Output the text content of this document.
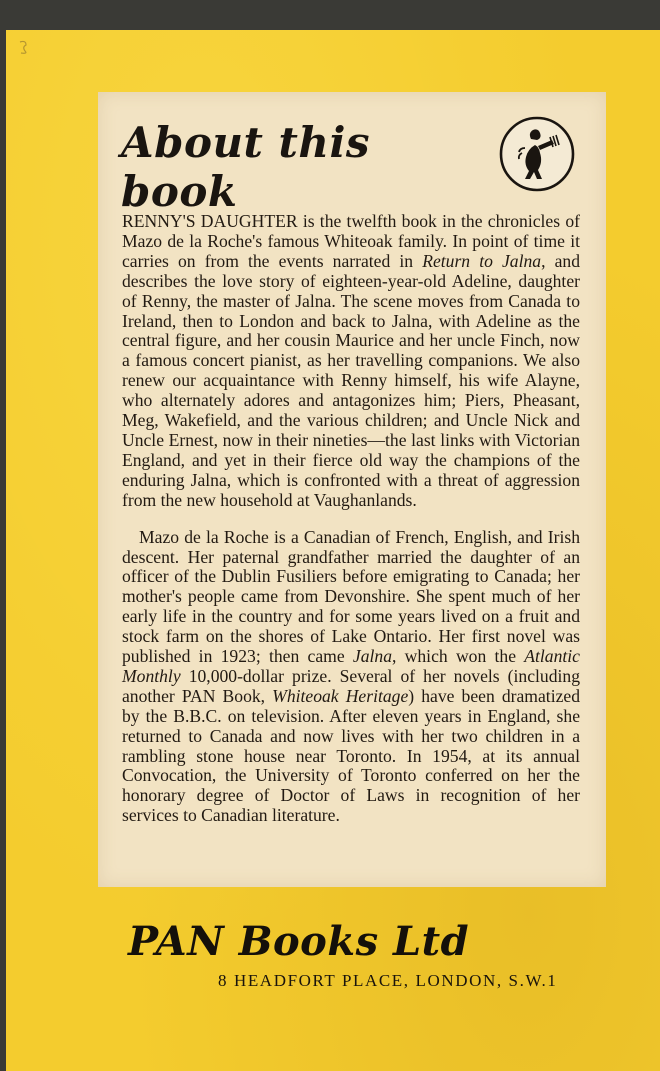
About this book

RENNY'S DAUGHTER is the twelfth book in the chronicles of Mazo de la Roche's famous Whiteoak family. In point of time it carries on from the events narrated in Return to Jalna, and describes the love story of eighteen-year-old Adeline, daughter of Renny, the master of Jalna. The scene moves from Canada to Ireland, then to London and back to Jalna, with Adeline as the central figure, and her cousin Maurice and her uncle Finch, now a famous concert pianist, as her travelling companions. We also renew our acquaintance with Renny himself, his wife Alayne, who alternately adores and antagonizes him; Piers, Pheasant, Meg, Wakefield, and the various children; and Uncle Nick and Uncle Ernest, now in their nineties—the last links with Victorian England, and yet in their fierce old way the champions of the enduring Jalna, which is confronted with a threat of aggression from the new household at Vaughanlands.

Mazo de la Roche is a Canadian of French, English, and Irish descent. Her paternal grandfather married the daughter of an officer of the Dublin Fusiliers before emigrating to Canada; her mother's people came from Devonshire. She spent much of her early life in the country and for some years lived on a fruit and stock farm on the shores of Lake Ontario. Her first novel was published in 1923; then came Jalna, which won the Atlantic Monthly 10,000-dollar prize. Several of her novels (including another PAN Book, Whiteoak Heritage) have been dramatized by the B.B.C. on television. After eleven years in England, she returned to Canada and now lives with her two children in a rambling stone house near Toronto. In 1954, at its annual Convocation, the University of Toronto conferred on her the honorary degree of Doctor of Laws in recognition of her services to Canadian literature.

PAN Books Ltd
8 HEADFORT PLACE, LONDON, S.W.1
